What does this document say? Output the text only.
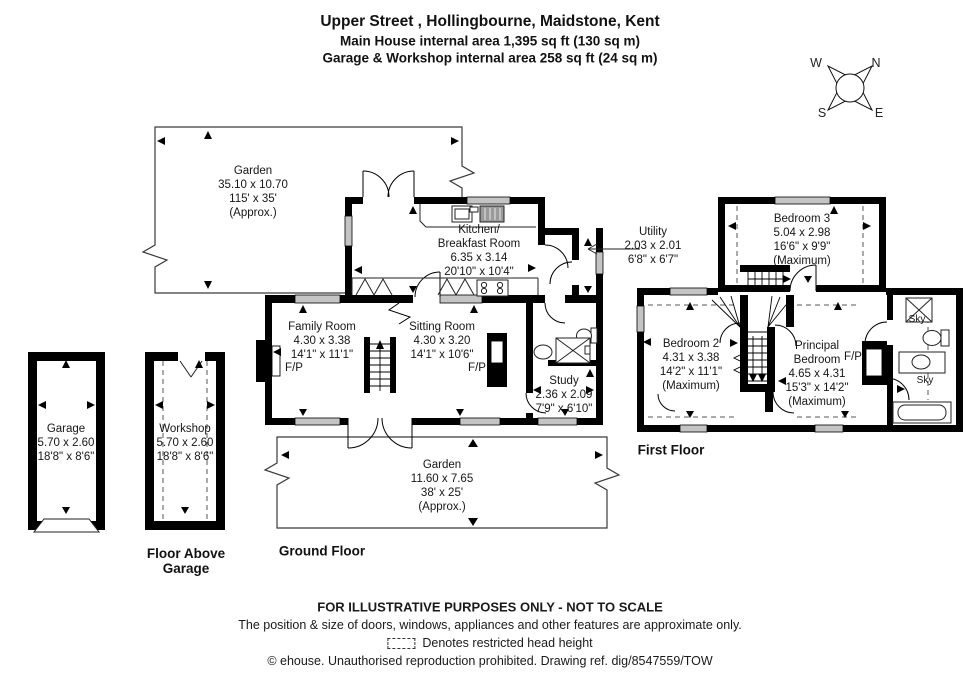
Upper Street , Hollingbourne, Maidstone, Kent
Main House internal area 1,395 sq ft (130 sq m)
Garage & Workshop internal area 258 sq ft (24 sq m)	W	N
S	E
Garden
35.10 x 10.70
115' x 35'
(Approx.)
Kitchen/
Breakfast Room
6.35 x 3.14
20'10" x 10'4"
Utility
2.03 x 2.01
6'8" x 6'7"
Family Room
4.30 x 3.38
14'1" x 11'1"
Sitting Room
4.30 x 3.20
14'1" x 10'6"
Study
2.36 x 2.09
7'9" x 6'10"
Garden
11.60 x 7.65
38' x 25'
(Approx.)
Garage
5.70 x 2.60
18'8" x 8'6"
Workshop
5.70 x 2.60
18'8" x 8'6"
Bedroom 3
5.04 x 2.98
16'6" x 9'9"
(Maximum)
Bedroom 2
4.31 x 3.38
14'2" x 11'1"
(Maximum)
Principal
Bedroom
4.65 x 4.31
15'3" x 14'2"
(Maximum)
F/P	F/P
F/P
Sky
Sky
Ground Floor
First Floor
Floor Above
Garage
FOR ILLUSTRATIVE PURPOSES ONLY - NOT TO SCALE
The position & size of doors, windows, appliances and other features are approximate only.
Denotes restricted head height
© ehouse. Unauthorised reproduction prohibited. Drawing ref. dig/8547559/TOW
